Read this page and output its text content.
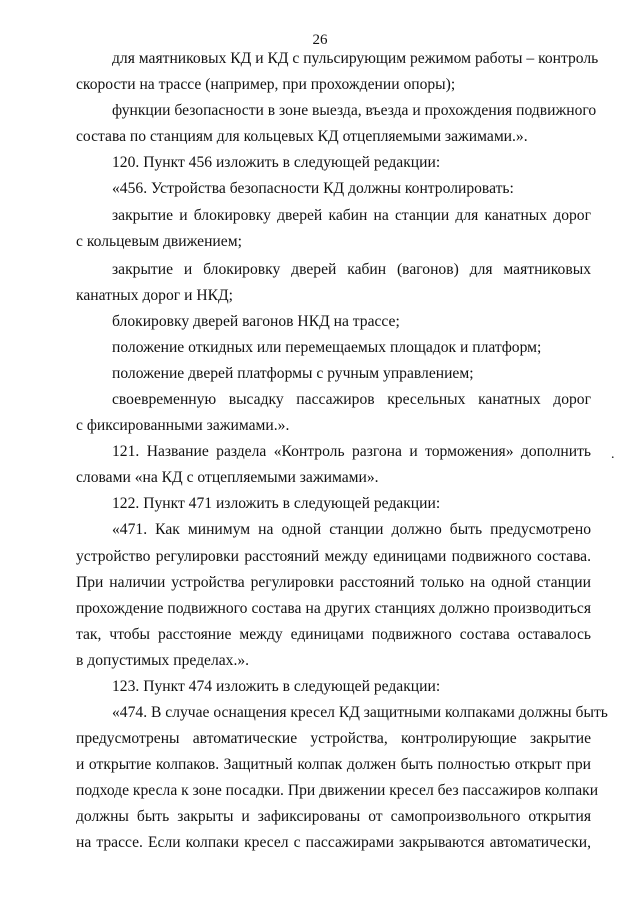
26
для маятниковых КД и КД с пульсирующим режимом работы – контроль
скорости на трассе (например, при прохождении опоры);
функции безопасности в зоне выезда, въезда и прохождения подвижного
состава по станциям для кольцевых КД отцепляемыми зажимами.».
120. Пункт 456 изложить в следующей редакции:
«456. Устройства безопасности КД должны контролировать:
закрытие и блокировку дверей кабин на станции для канатных дорог
с кольцевым движением;
закрытие и блокировку дверей кабин (вагонов) для маятниковых
канатных дорог и НКД;
блокировку дверей вагонов НКД на трассе;
положение откидных или перемещаемых площадок и платформ;
положение дверей платформы с ручным управлением;
своевременную высадку пассажиров кресельных канатных дорог
с фиксированными зажимами.».
121. Название раздела «Контроль разгона и торможения» дополнить
словами «на КД с отцепляемыми зажимами».
122. Пункт 471 изложить в следующей редакции:
«471. Как минимум на одной станции должно быть предусмотрено
устройство регулировки расстояний между единицами подвижного состава.
При наличии устройства регулировки расстояний только на одной станции
прохождение подвижного состава на других станциях должно производиться
так, чтобы расстояние между единицами подвижного состава оставалось
в допустимых пределах.».
123. Пункт 474 изложить в следующей редакции:
«474. В случае оснащения кресел КД защитными колпаками должны быть
предусмотрены автоматические устройства, контролирующие закрытие
и открытие колпаков. Защитный колпак должен быть полностью открыт при
подходе кресла к зоне посадки. При движении кресел без пассажиров колпаки
должны быть закрыты и зафиксированы от самопроизвольного открытия
на трассе. Если колпаки кресел с пассажирами закрываются автоматически,
.
